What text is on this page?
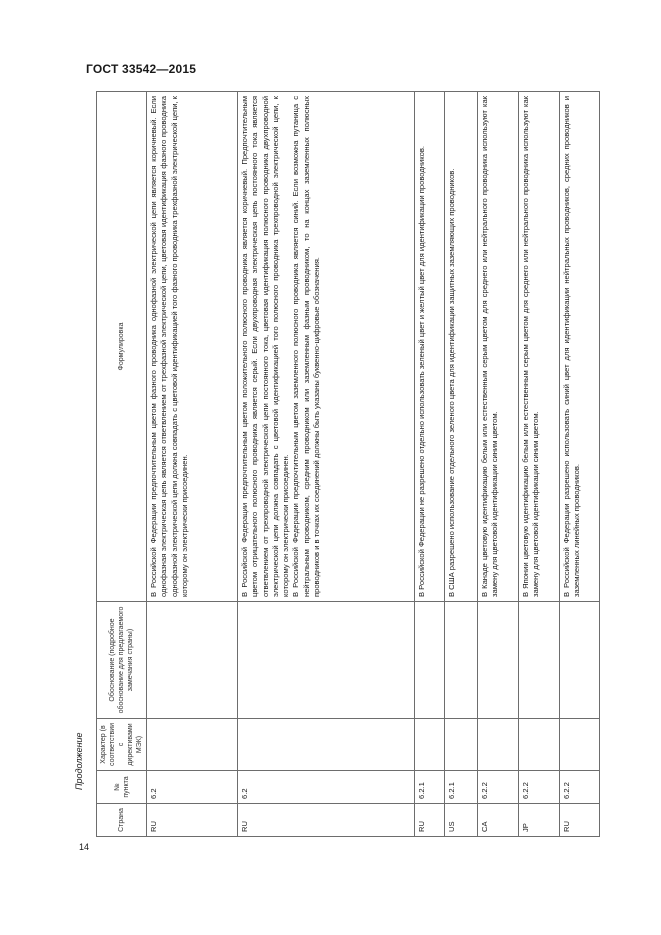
ГОСТ 33542—2015
Продолжение
14
Страна	№ пункта	Характер (в соответствии с директивами МЭК)	Обоснование (подробное обоснование для предлагаемого замечания страны)	Формулировка
RU	6.2			В Российской Федерации предпочтительным цветом фазного проводника однофазной электрической цепи является коричневый. Если однофазная электрическая цепь является ответвлением от трехфазной электрической цепи, цветовая идентификация фазного проводника однофазной электрической цепи должна совпадать с цветовой идентификацией того фазного проводника трехфазной электрической цепи, к которому он электрически присоединен.
RU	6.2			В Российской Федерации предпочтительным цветом положительного полюсного проводника является коричневый. Предпочтительным цветом отрицательного полюсного проводника является серый. Если двухпроводная электрическая цепь постоянного тока является ответвлением от трехпроводной электрической цепи постоянного тока, цветовая идентификация полюсного проводника двухпроводной электрической цепи должна совпадать с цветовой идентификацией того полюсного проводника трехпроводной электрической цепи, к которому он электрически присоединен.
В Российской Федерации предпочтительным цветом заземленного полюсного проводника является синий. Если возможна путаница с нейтральным проводником, средним проводником или заземленным фазным проводником, то на концах заземленных полюсных проводников и в точках их соединений должны быть указаны буквенно-цифровые обозначения.
RU	6.2.1			В Российской Федерации не разрешено отдельно использовать зеленый цвет и желтый цвет для идентификации проводников.
US	6.2.1			В США разрешено использование отдельного зеленого цвета для идентификации защитных заземляющих проводников.
CA	6.2.2			В Канаде цветовую идентификацию белым или естественным серым цветом для среднего или нейтрального проводника используют как замену для цветовой идентификации синим цветом.
JP	6.2.2			В Японии цветовую идентификацию белым или естественным серым цветом для среднего или нейтрального проводника используют как замену для цветовой идентификации синим цветом.
RU	6.2.2			В Российской Федерации разрешено использовать синий цвет для идентификации нейтральных проводников, средних проводников и заземленных линейных проводников.
